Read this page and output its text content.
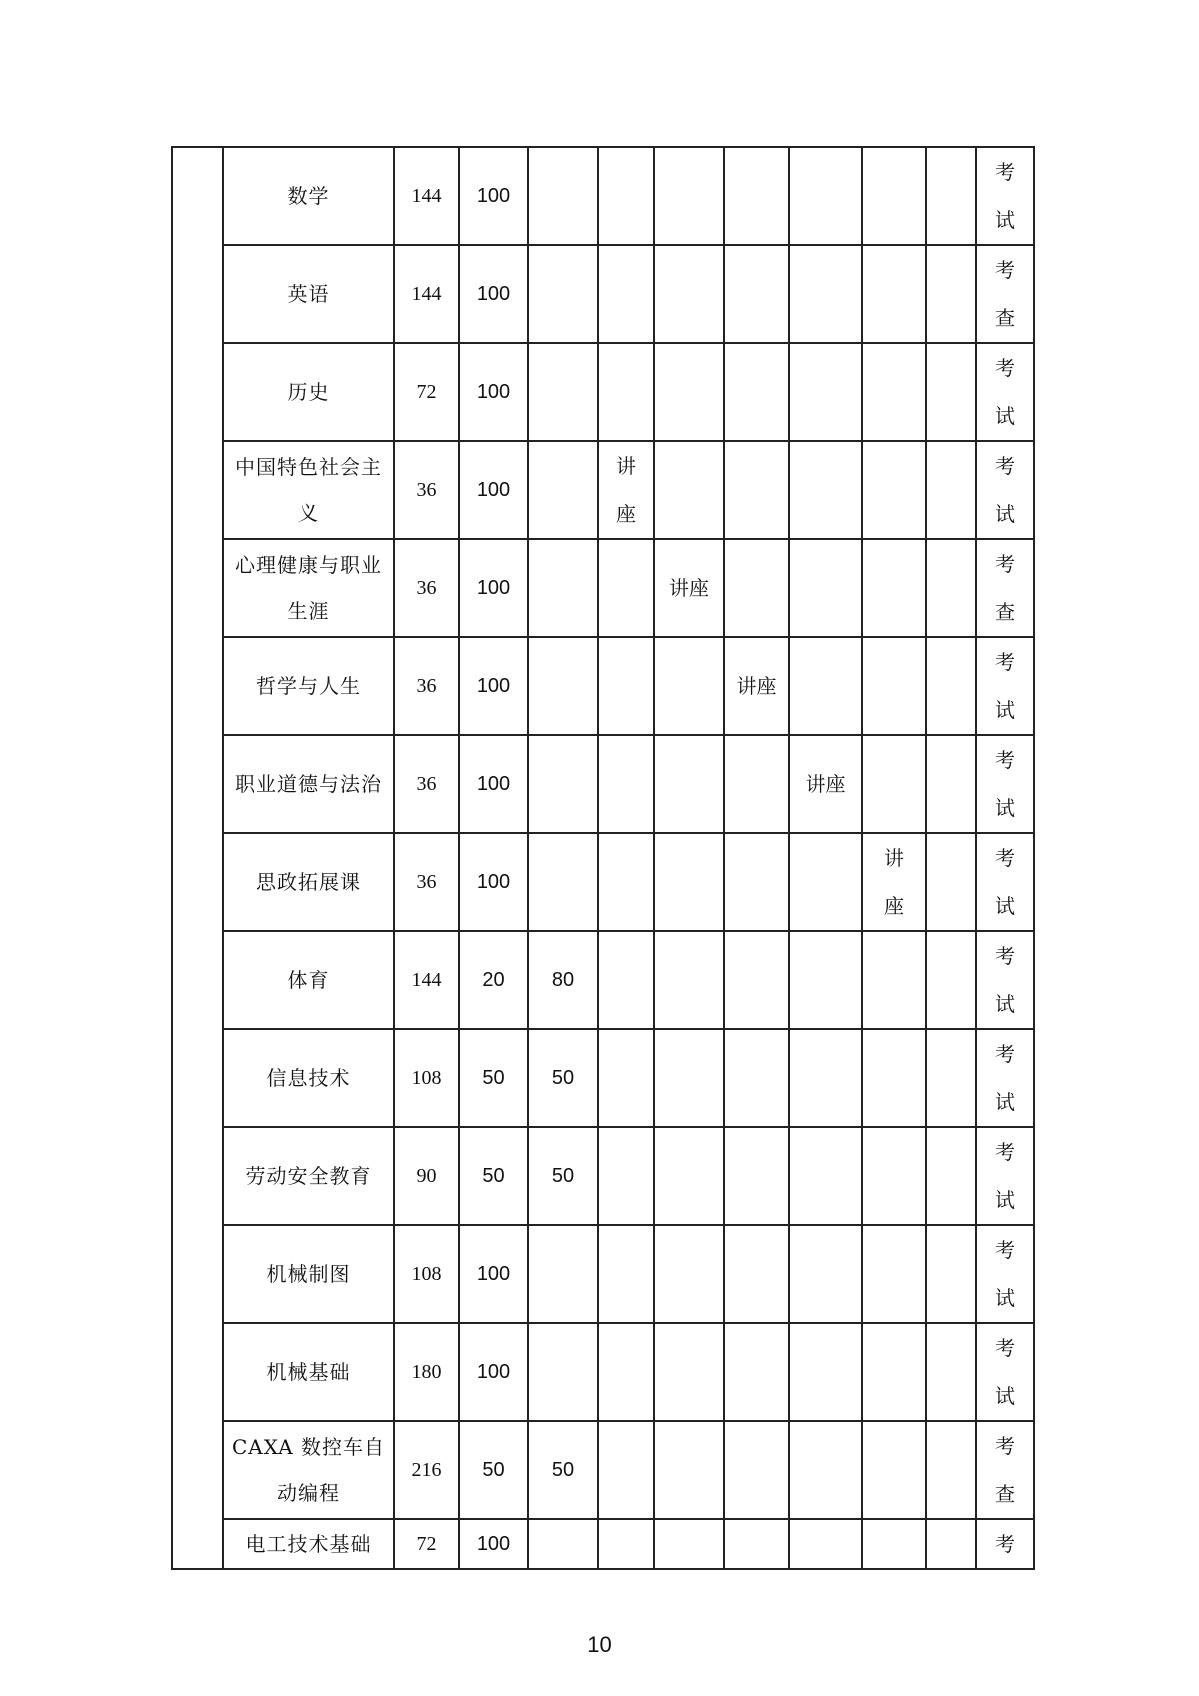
	数学	144	100								考
试

	英语	144	100								考
查

	历史	72	100								考
试

	中国特色社会主义	36	100		讲
座						考
试

	心理健康与职业生涯	36	100			讲座					考
查

	哲学与人生	36	100				讲座				考
试

	职业道德与法治	36	100					讲座			考
试

	思政拓展课	36	100						讲
座		考
试

	体育	144	20	80							考
试

	信息技术	108	50	50							考
试

	劳动安全教育	90	50	50							考
试

	机械制图	108	100								考
试

	机械基础	180	100								考
试

	CAXA 数控车自动编程	216	50	50							考
查

	电工技术基础	72	100								考
10
